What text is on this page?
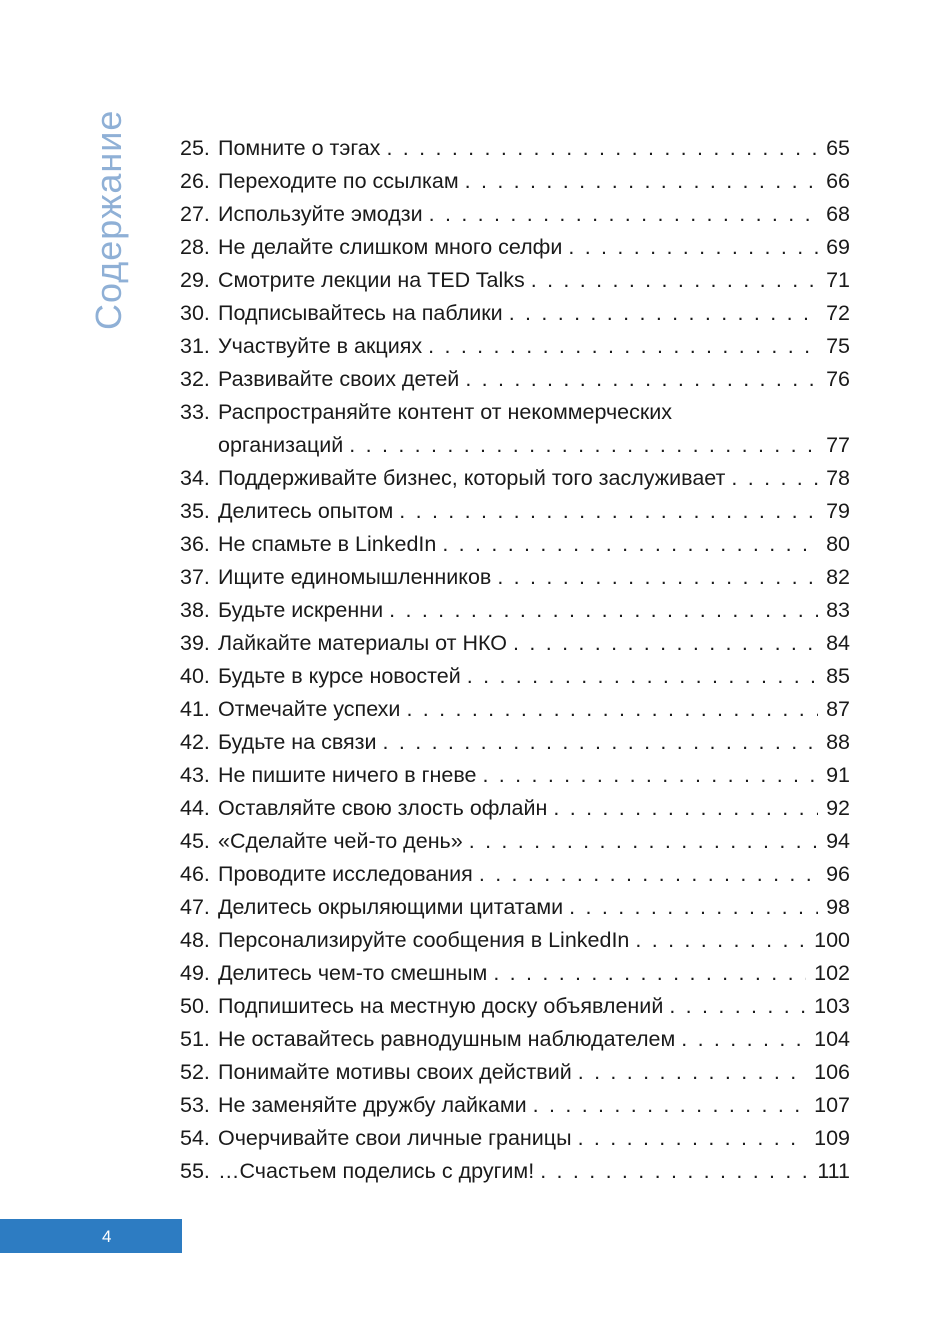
Содержание 25. Помните о тэгах . . .	65
26. Переходите по ссылкам . . .	66
27. Используйте эмодзи . . .	68
28. Не делайте слишком много селфи . . .	69
29. Смотрите лекции на TED Talks . . .	71
30. Подписывайтесь на паблики . . .	72
31. Участвуйте в акциях . . .	75
32. Развивайте своих детей . . .	76
33. Распространяйте контент от некоммерческих
организаций . . .	77
34. Поддерживайте бизнес, который того заслуживает . . .	78
35. Делитесь опытом . . .	79
36. Не спамьте в LinkedIn . . .	80
37. Ищите единомышленников . . .	82
38. Будьте искренни . . .	83
39. Лайкайте материалы от НКО . . .	84
40. Будьте в курсе новостей . . .	85
41. Отмечайте успехи . . .	87
42. Будьте на связи . . .	88
43. Не пишите ничего в гневе . . .	91
44. Оставляйте свою злость офлайн . . .	92
45. «Сделайте чей-то день» . . .	94
46. Проводите исследования . . .	96
47. Делитесь окрыляющими цитатами . . .	98
48. Персонализируйте сообщения в LinkedIn . . .	100
49. Делитесь чем-то смешным . . .	102
50. Подпишитесь на местную доску объявлений . . .	103
51. Не оставайтесь равнодушным наблюдателем . . .	104
52. Понимайте мотивы своих действий . . .	106
53. Не заменяйте дружбу лайками . . .	107
54. Очерчивайте свои личные границы . . .	109
55. …Счастьем поделись с другим! . . .	111
4
